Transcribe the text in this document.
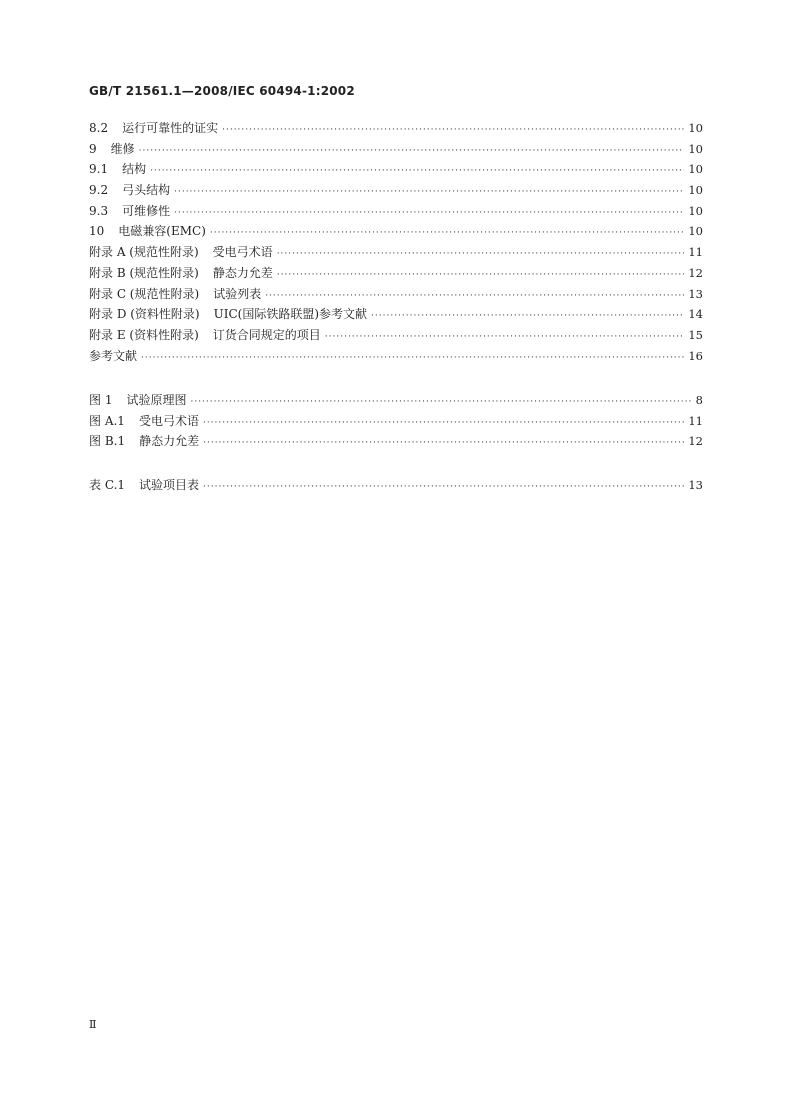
GB/T 21561.1—2008/IEC 60494-1:2002
8.2 运行可靠性的证实 ·····	10
9 维修 ·····	10
9.1 结构 ·····	10
9.2 弓头结构 ·····	10
9.3 可维修性 ·····	10
10 电磁兼容(EMC) ·····	10
附录 A (规范性附录) 受电弓术语 ·····	11
附录 B (规范性附录) 静态力允差 ·····	12
附录 C (规范性附录) 试验列表 ·····	13
附录 D (资料性附录) UIC(国际铁路联盟)参考文献 ·····	14
附录 E (资料性附录) 订货合同规定的项目 ·····	15
参考文献 ·····	16
图 1 试验原理图 ·····	8
图 A.1 受电弓术语 ·····	11
图 B.1 静态力允差 ·····	12
表 C.1 试验项目表 ·····	13
Ⅱ
